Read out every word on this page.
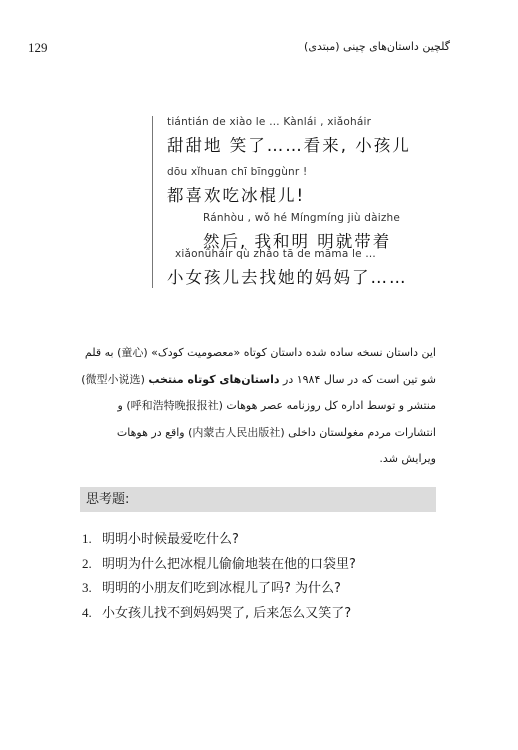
129	گلچین داستان‌های چینی (مبتدی)
tiántián de xiào le … Kànlái , xiǎoháir
甜甜地 笑了……看来, 小孩儿
dōu xǐhuan chī bīnggùnr !
都喜欢吃冰棍儿!
Ránhòu , wǒ hé Míngmíng jiù dàizhe
然后, 我和明 明就带着
xiǎonǚháir qù zhǎo tā de māma le …
小女孩儿去找她的妈妈了……
این داستان نسخه ساده شده داستان کوتاه «معصومیت کودک» (童心) به قلم
شو تین است که در سال ۱۹۸۴ در داستان‌های کوتاه منتخب (微型小说选)
منتشر و توسط اداره کل روزنامه عصر هوهات (呼和浩特晚报报社) و
انتشارات مردم مغولستان داخلی (内蒙古人民出版社) واقع در هوهات
ویرایش شد.
思考题:
1. 明明小时候最爱吃什么?
2. 明明为什么把冰棍儿偷偷地装在他的口袋里?
3. 明明的小朋友们吃到冰棍儿了吗? 为什么?
4. 小女孩儿找不到妈妈哭了, 后来怎么又笑了?
